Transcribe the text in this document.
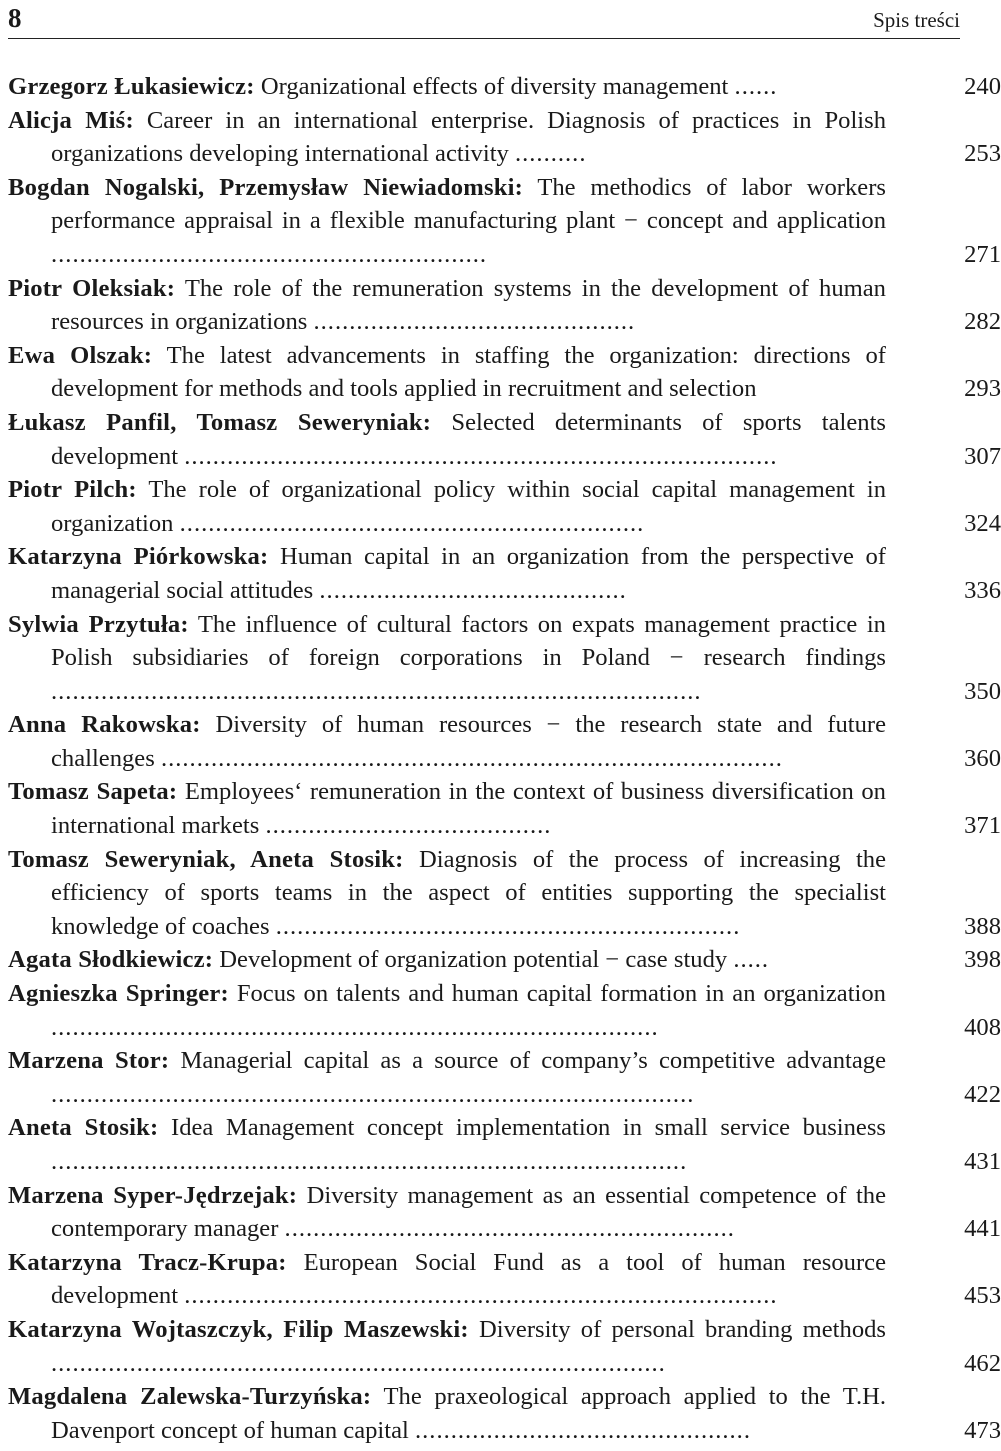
8	Spis treści
Grzegorz Łukasiewicz: Organizational effects of diversity management ......	240
Alicja Miś: Career in an international enterprise. Diagnosis of practices in Polish organizations developing international activity ..........	253
Bogdan Nogalski, Przemysław Niewiadomski: The methodics of labor workers performance appraisal in a flexible manufacturing plant − concept and application .............................................................	271
Piotr Oleksiak: The role of the remuneration systems in the development of human resources in organizations .............................................	282
Ewa Olszak: The latest advancements in staffing the organization: directions of development for methods and tools applied in recruitment and selection	293
Łukasz Panfil, Tomasz Seweryniak: Selected determinants of sports talents development ...................................................................................	307
Piotr Pilch: The role of organizational policy within social capital management in organization .................................................................	324
Katarzyna Piórkowska: Human capital in an organization from the perspective of managerial social attitudes ...........................................	336
Sylwia Przytuła: The influence of cultural factors on expats management practice in Polish subsidiaries of foreign corporations in Poland − research findings ...........................................................................................	350
Anna Rakowska: Diversity of human resources − the research state and future challenges .......................................................................................	360
Tomasz Sapeta: Employees‘ remuneration in the context of business diversification on international markets ........................................	371
Tomasz Seweryniak, Aneta Stosik: Diagnosis of the process of increasing the efficiency of sports teams in the aspect of entities supporting the specialist knowledge of coaches .................................................................	388
Agata Słodkiewicz: Development of organization potential − case study .....	398
Agnieszka Springer: Focus on talents and human capital formation in an organization .....................................................................................	408
Marzena Stor: Managerial capital as a source of company’s competitive advantage ..........................................................................................	422
Aneta Stosik: Idea Management concept implementation in small service business .........................................................................................	431
Marzena Syper-Jędrzejak: Diversity management as an essential competence of the contemporary manager ...............................................................	441
Katarzyna Tracz-Krupa: European Social Fund as a tool of human resource development ...................................................................................	453
Katarzyna Wojtaszczyk, Filip Maszewski: Diversity of personal branding methods ......................................................................................	462
Magdalena Zalewska-Turzyńska: The praxeological approach applied to the T.H. Davenport concept of human capital ...............................................	473
